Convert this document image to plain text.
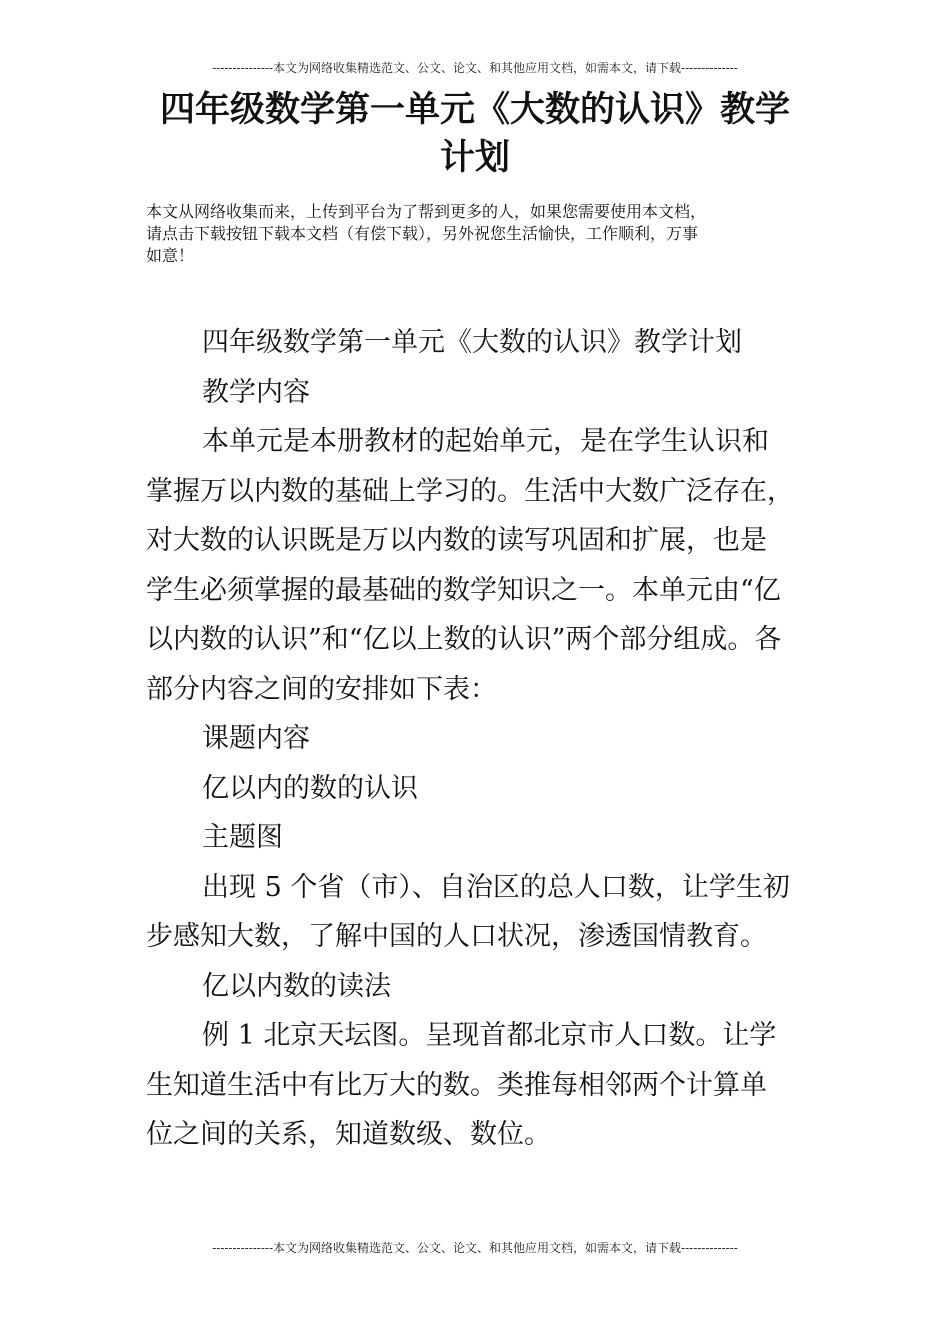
---------------本文为网络收集精选范文、公文、论文、和其他应用文档，如需本文，请下载--------------
四年级数学第一单元《大数的认识》教学
计划
本文从网络收集而来，上传到平台为了帮到更多的人，如果您需要使用本文档，
请点击下载按钮下载本文档（有偿下载），另外祝您生活愉快，工作顺利，万事
如意！
四年级数学第一单元《大数的认识》教学计划
教学内容
本单元是本册教材的起始单元，是在学生认识和
掌握万以内数的基础上学习的。生活中大数广泛存在，
对大数的认识既是万以内数的读写巩固和扩展，也是
学生必须掌握的最基础的数学知识之一。本单元由“亿
以内数的认识”和“亿以上数的认识”两个部分组成。各
部分内容之间的安排如下表：
课题内容
亿以内的数的认识
主题图
出现 5 个省（市）、自治区的总人口数，让学生初
步感知大数，了解中国的人口状况，渗透国情教育。
亿以内数的读法
例 1 北京天坛图。呈现首都北京市人口数。让学
生知道生活中有比万大的数。类推每相邻两个计算单
位之间的关系，知道数级、数位。
---------------本文为网络收集精选范文、公文、论文、和其他应用文档，如需本文，请下载--------------
